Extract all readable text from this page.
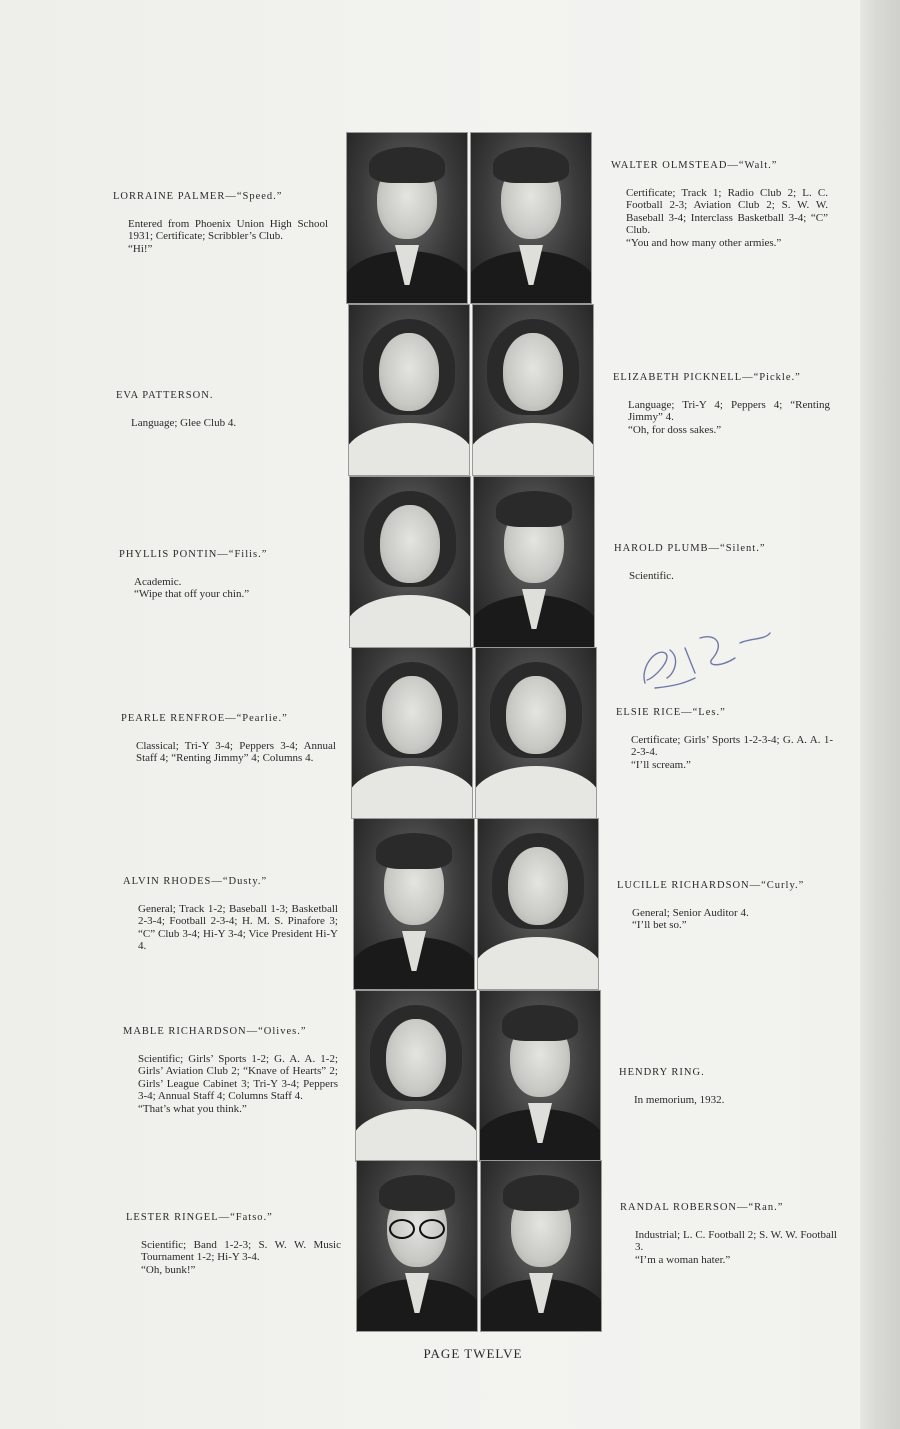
LORRAINE PALMER—“Speed.”
Entered from Phoenix Union High School 1931; Certificate; Scribbler’s Club.
“Hi!”
EVA PATTERSON.
Language; Glee Club 4.
PHYLLIS PONTIN—“Filis.”
Academic.
“Wipe that off your chin.”
PEARLE RENFROE—“Pearlie.”
Classical; Tri-Y 3-4; Peppers 3-4; Annual Staff 4; “Renting Jimmy” 4; Columns 4.
ALVIN RHODES—“Dusty.”
General; Track 1-2; Baseball 1-3; Basketball 2-3-4; Football 2-3-4; H. M. S. Pinafore 3; “C” Club 3-4; Hi-Y 3-4; Vice President Hi-Y 4.
MABLE RICHARDSON—“Olives.”
Scientific; Girls’ Sports 1-2; G. A. A. 1-2; Girls’ Aviation Club 2; “Knave of Hearts” 2; Girls’ League Cabinet 3; Tri-Y 3-4; Peppers 3-4; Annual Staff 4; Columns Staff 4.
“That’s what you think.”
LESTER RINGEL—“Fatso.”
Scientific; Band 1-2-3; S. W. W. Music Tournament 1-2; Hi-Y 3-4.
“Oh, bunk!”
WALTER OLMSTEAD—“Walt.”
Certificate; Track 1; Radio Club 2; L. C. Football 2-3; Aviation Club 2; S. W. W. Baseball 3-4; Interclass Basketball 3-4; “C” Club.
“You and how many other armies.”
ELIZABETH PICKNELL—“Pickle.”
Language; Tri-Y 4; Peppers 4; “Renting Jimmy” 4.
“Oh, for doss sakes.”
HAROLD PLUMB—“Silent.”
Scientific.
ELSIE RICE—“Les.”
Certificate; Girls’ Sports 1-2-3-4; G. A. A. 1-2-3-4.
“I’ll scream.”
LUCILLE RICHARDSON—“Curly.”
General; Senior Auditor 4.
“I’ll bet so.”
HENDRY RING.
In memorium, 1932.
RANDAL ROBERSON—“Ran.”
Industrial; L. C. Football 2; S. W. W. Football 3.
“I’m a woman hater.”
PAGE TWELVE
